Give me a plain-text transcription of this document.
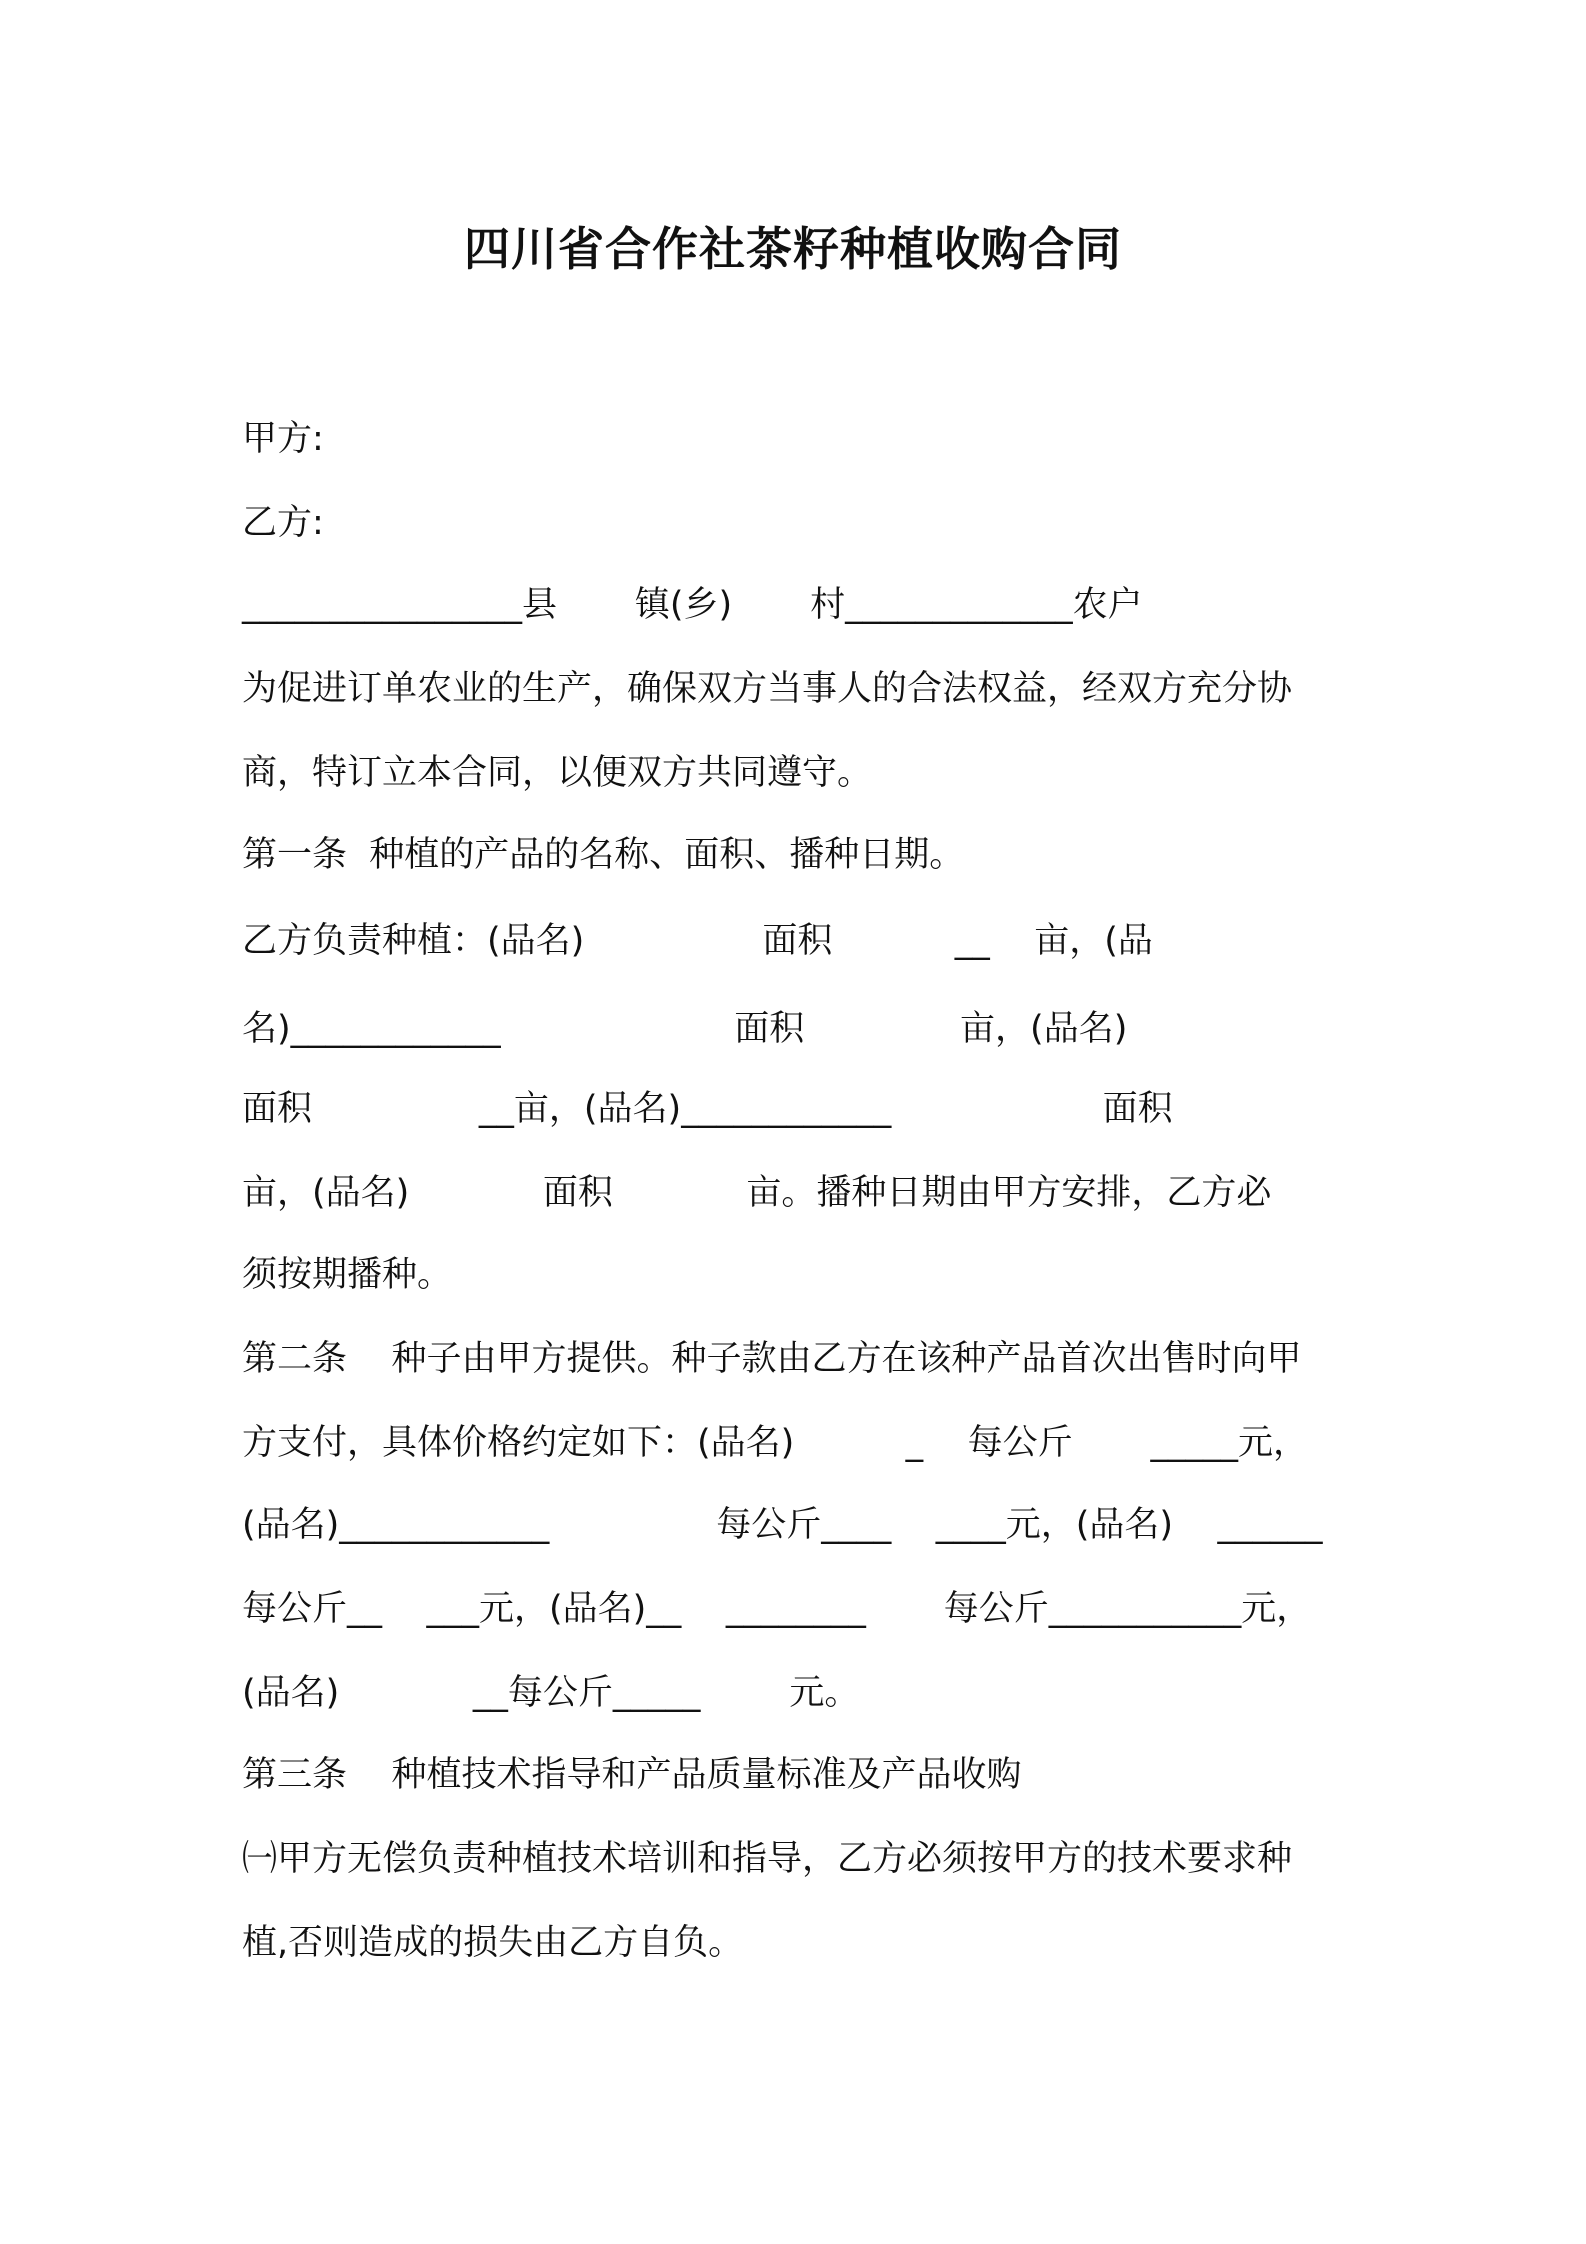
四川省合作社茶籽种植收购合同
甲方:
乙方:
________________县       镇(乡)       村_____________农户
为促进订单农业的生产，确保双方当事人的合法权益，经双方充分协
商，特订立本合同，以便双方共同遵守。
第一条  种植的产品的名称、面积、播种日期。
乙方负责种植：(品名)                面积           __    亩，(品
名)____________                     面积              亩，(品名)
面积               __亩，(品名)____________                   面积
亩，(品名)            面积            亩。播种日期由甲方安排，乙方必
须按期播种。
第二条    种子由甲方提供。种子款由乙方在该种产品首次出售时向甲
方支付，具体价格约定如下：(品名)          _    每公斤       _____元，
(品名)____________               每公斤____    ____元，(品名)    ______
每公斤__    ___元，(品名)__    ________       每公斤___________元，
(品名)            __每公斤_____        元。
第三条    种植技术指导和产品质量标准及产品收购
㈠甲方无偿负责种植技术培训和指导，乙方必须按甲方的技术要求种
植,否则造成的损失由乙方自负。
